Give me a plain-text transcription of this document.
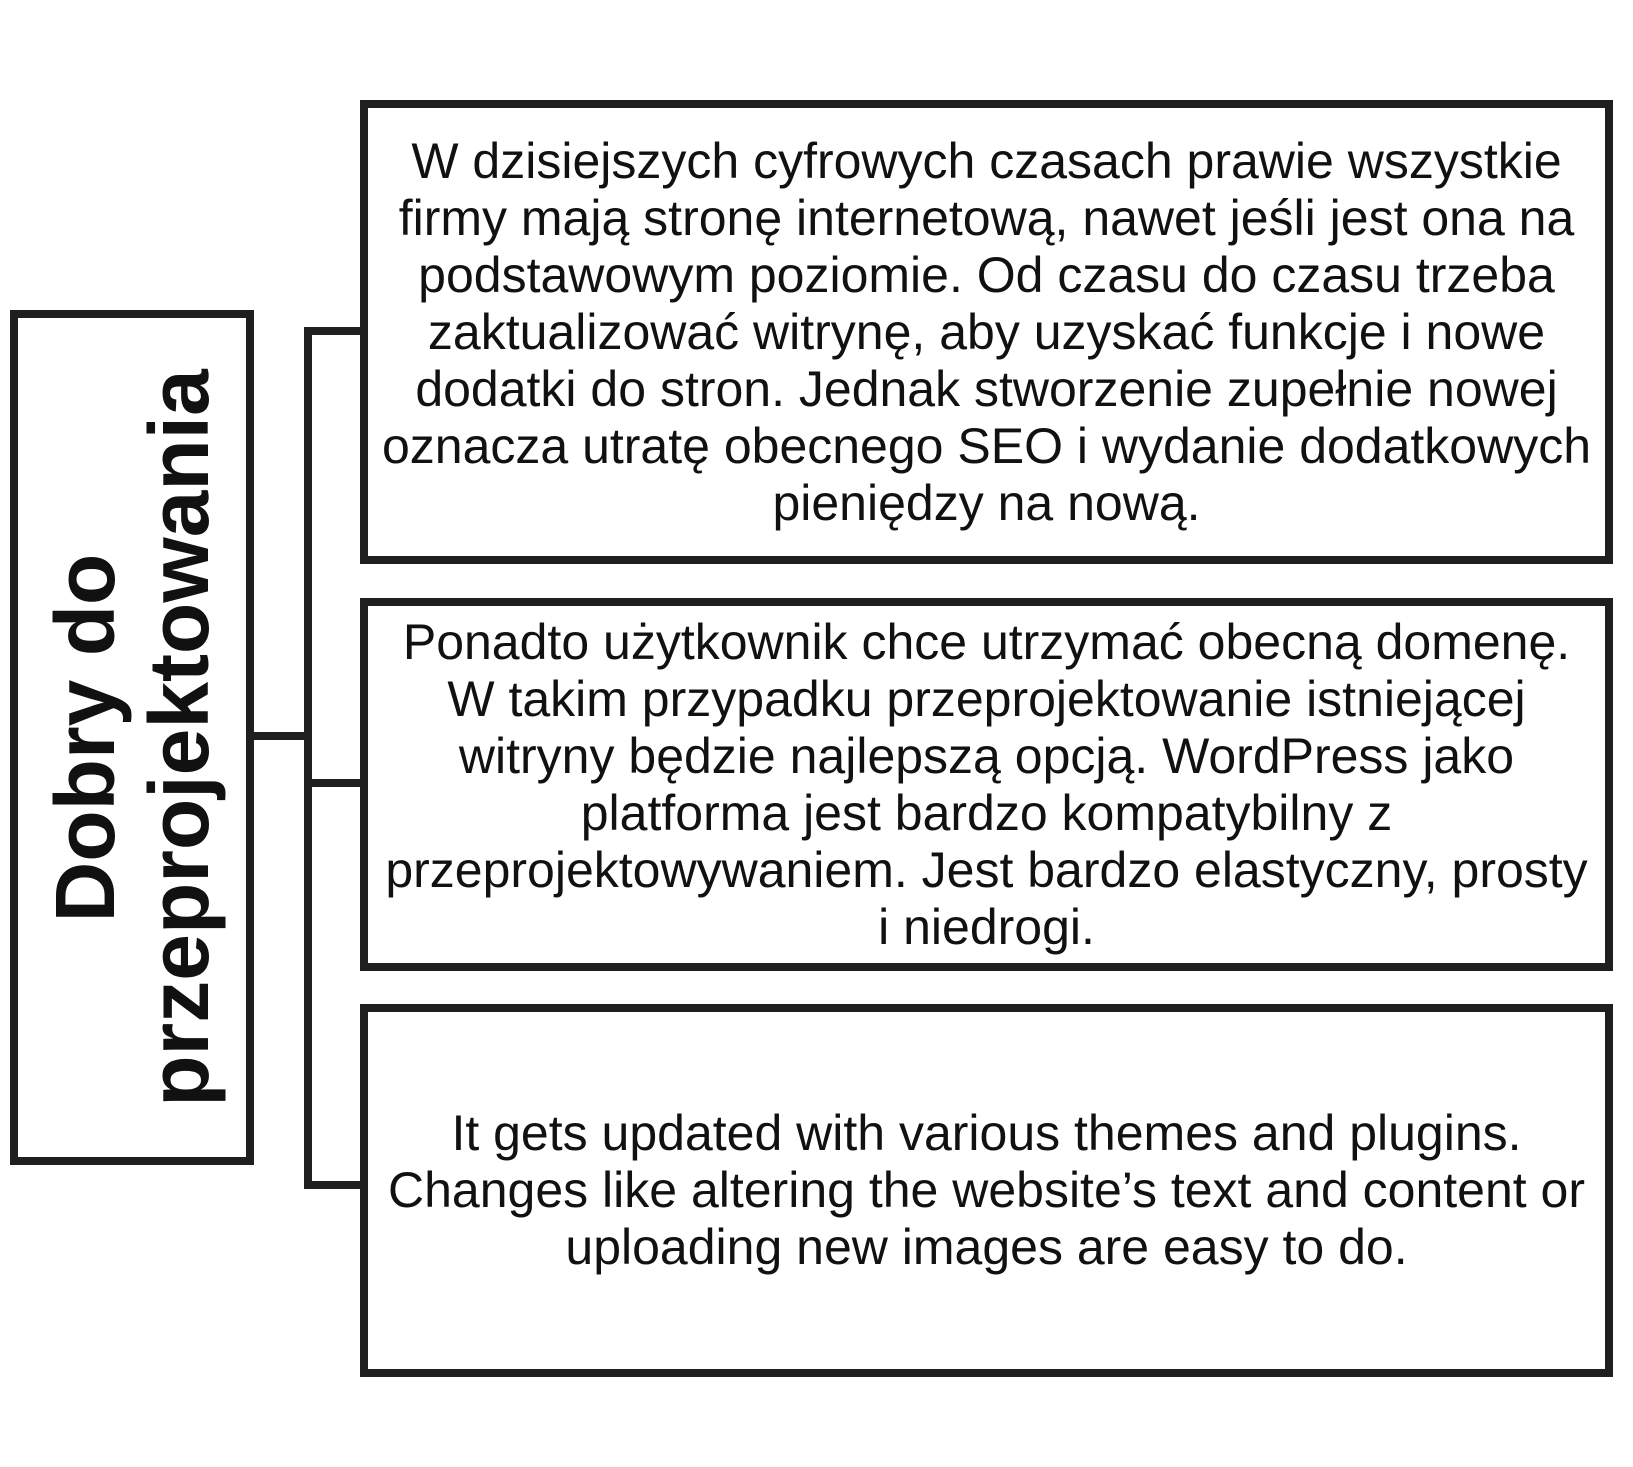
Dobry do przeprojektowania
W dzisiejszych cyfrowych czasach prawie wszystkie firmy mają stronę internetową, nawet jeśli jest ona na podstawowym poziomie. Od czasu do czasu trzeba zaktualizować witrynę, aby uzyskać funkcje i nowe dodatki do stron. Jednak stworzenie zupełnie nowej oznacza utratę obecnego SEO i wydanie dodatkowych pieniędzy na nową.
Ponadto użytkownik chce utrzymać obecną domenę. W takim przypadku przeprojektowanie istniejącej witryny będzie najlepszą opcją. WordPress jako platforma jest bardzo kompatybilny z przeprojektowywaniem. Jest bardzo elastyczny, prosty i niedrogi.
It gets updated with various themes and plugins. Changes like altering the website’s text and content or uploading new images are easy to do.
